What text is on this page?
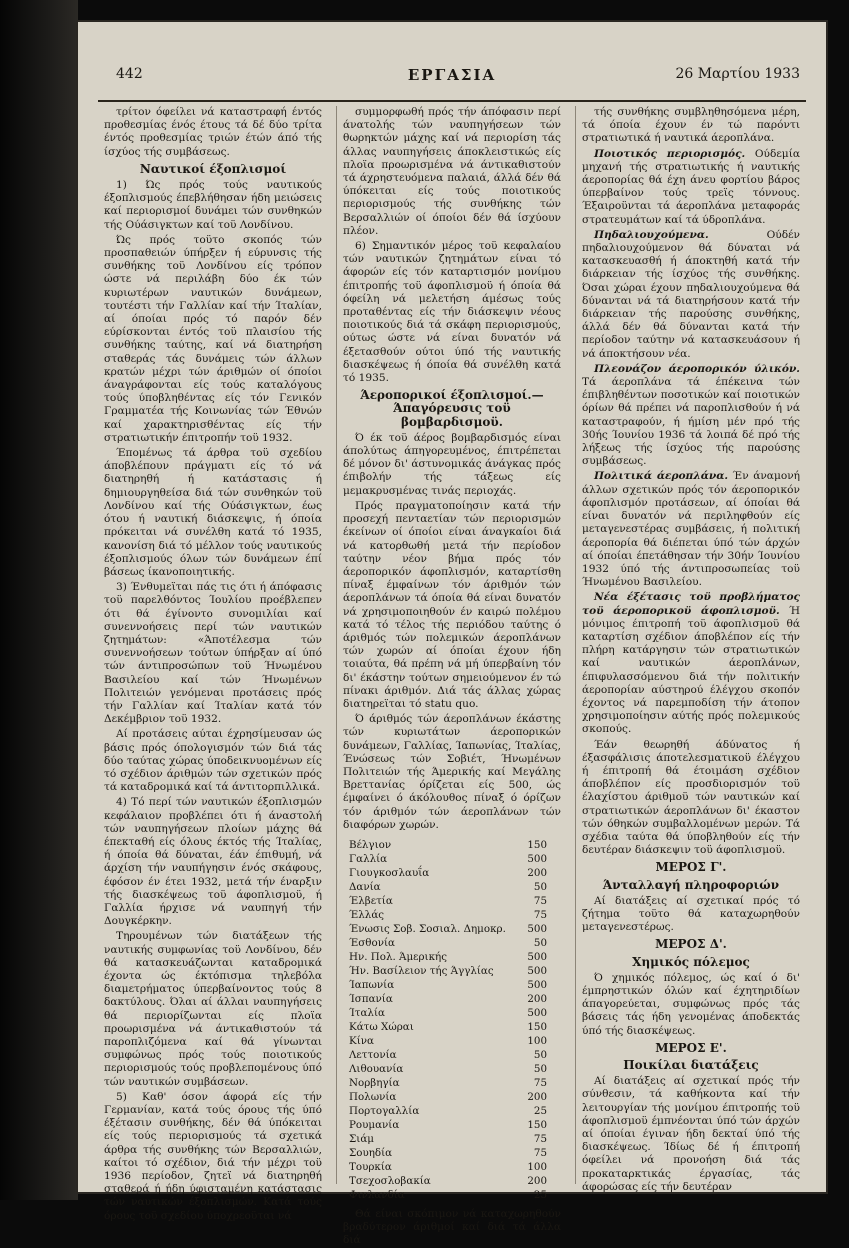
442	ΕΡΓΑΣΙΑ	26 Μαρτίου 1933

τρίτον όφείλει νά καταστραφή έντός προθεσμίας ένός έτους τά δέ δύο τρίτα έντός προθεσμίας τριών έτών άπό τής ίσχύος τής συμβάσεως.

Ναυτικοί έξοπλισμοί

1) Ώς πρός τούς ναυτικούς έξοπλισμούς έπεβλήθησαν ήδη μειώσεις καί περιορισμοί δυνάμει τών συνθηκών τής Ούάσιγκτων καί τοϋ Λονδίνου.

Ώς πρός τοϋτο σκοπός τών προσπαθειών ύπήρξεν ή εύρυνσις τής συνθήκης τοϋ Λονδίνου είς τρόπον ώστε νά περιλάβη δύο έκ τών κυριωτέρων ναυτικών δυνάμεων, τουτέστι τήν Γαλλίαν καί τήν Ίταλίαν, αί όποίαι πρός τό παρόν δέν εύρίσκονται έντός τοϋ πλαισίου τής συνθήκης ταύτης, καί νά διατηρήση σταθεράς τάς δυνάμεις τών άλλων κρατών μέχρι τών άριθμών οί όποίοι άναγράφονται είς τούς καταλόγους τούς ύποβληθέντας είς τόν Γενικόν Γραμματέα τής Κοινωνίας τών Έθνών καί χαρακτηρισθέντας είς τήν στρατιωτικήν έπιτροπήν τοϋ 1932.

Έπομένως τά άρθρα τοϋ σχεδίου άποβλέπουν πράγματι είς τό νά διατηρηθή ή κατάστασις ή δημιουργηθείσα διά τών συνθηκών τοϋ Λονδίνου καί τής Ούάσιγκτων, έως ότου ή ναυτική διάσκεψις, ή όποία πρόκειται νά συνέλθη κατά τό 1935, κανονίση διά τό μέλλον τούς ναυτικούς έξοπλισμούς όλων τών δυνάμεων έπί βάσεως ίκανοποιητικής.

3) Ένθυμεϊται πάς τις ότι ή άπόφασις τοϋ παρελθόντος Ίουλίου προέβλεπεν ότι θά έγίνοντο συνομιλίαι καί συνεννοήσεις περί τών ναυτικών ζητημάτων: «Άποτέλεσμα τών συνεννοήσεων τούτων ύπήρξαν αί ύπό τών άντιπροσώπων τοϋ Ήνωμένου Βασιλείου καί τών Ήνωμένων Πολιτειών γενόμεναι προτάσεις πρός τήν Γαλλίαν καί Ίταλίαν κατά τόν Δεκέμβριον τοϋ 1932.

Αί προτάσεις αύται έχρησίμευσαν ώς βάσις πρός όπολογισμόν τών διά τάς δύο ταύτας χώρας ύποδεικνυομένων είς τό σχέδιον άριθμών τών σχετικών πρός τά καταδρομικά καί τά άντιτορπιλλικά.

4) Τό περί τών ναυτικών έξοπλισμών κεφάλαιον προβλέπει ότι ή άναστολή τών ναυπηγήσεων πλοίων μάχης θά έπεκταθή είς όλους έκτός τής Ίταλίας, ή όποία θά δύναται, έάν έπιθυμή, νά άρχίση τήν ναυπήγησιν ένός σκάφους, έφόσον έν έτει 1932, μετά τήν έναρξιν τής διασκέψεως τοϋ άφοπλισμοϋ, ή Γαλλία ήρχισε νά ναυπηγή τήν Δουγκέρκην.

Τηρουμένων τών διατάξεων τής ναυτικής συμφωνίας τοϋ Λονδίνου, δέν θά κατασκευάζωνται καταδρομικά έχοντα ώς έκτόπισμα τηλεβόλα διαμετρήματος ύπερβαίνοντος τούς 8 δακτύλους. Όλαι αί άλλαι ναυπηγήσεις θά περιορίζωνται είς πλοϊα προωρισμένα νά άντικαθιστούν τά παροπλιζόμενα καί θά γίνωνται συμφώνως πρός τούς ποιοτικούς περιορισμούς τούς προβλεπομένους ύπό τών ναυτικών συμβάσεων.

5) Καθ' όσον άφορά είς τήν Γερμανίαν, κατά τούς όρους τής ύπό έξέτασιν συνθήκης, δέν θά ύπόκειται είς τούς περιορισμούς τά σχετικά άρθρα τής συνθήκης τών Βερσαλλιών, καίτοι τό σχέδιον, διά τήν μέχρι τοϋ 1936 περίοδον, ζητεϊ νά διατηρηθή σταθερά ή ήδη ύφισταμένη κατάστασις τών ναυτικών έξοπλισμών. Κατά τούς όρους τοϋ σχεδίου ύποχρεοϋται νά

συμμορφωθή πρός τήν άπόφασιν περί άνατολής τών ναυπηγήσεων τών θωρηκτών μάχης καί νά περιορίση τάς άλλας ναυπηγήσεις άποκλειστικώς είς πλοϊα προωρισμένα νά άντικαθιστούν τά άχρηστευόμενα παλαιά, άλλά δέν θά ύπόκειται είς τούς ποιοτικούς περιορισμούς τής συνθήκης τών Βερσαλλιών οί όποίοι δέν θά ίσχύουν πλέον.

6) Σημαντικόν μέρος τοϋ κεφαλαίου τών ναυτικών ζητημάτων είναι τό άφορών είς τόν καταρτισμόν μονίμου έπιτροπής τοϋ άφοπλισμοϋ ή όποία θά όφείλη νά μελετήση άμέσως τούς προταθέντας είς τήν διάσκεψιν νέους ποιοτικούς διά τά σκάφη περιορισμούς, ούτως ώστε νά είναι δυνατόν νά έξετασθούν ούτοι ύπό τής ναυτικής διασκέψεως ή όποία θά συνέλθη κατά τό 1935.

Άεροπορικοί έξοπλισμοί.—Άπαγόρευσις τοϋ βομβαρδισμοϋ.

Ό έκ τοϋ άέρος βομβαρδισμός είναι άπολύτως άπηγορευμένος, έπιτρέπεται δέ μόνον δι' άστυνομικάς άνάγκας πρός έπιβολήν τής τάξεως είς μεμακρυσμένας τινάς περιοχάς.

Πρός πραγματοποίησιν κατά τήν προσεχή πενταετίαν τών περιορισμών έκείνων οί όποίοι είναι άναγκαίοι διά νά κατορθωθή μετά τήν περίοδον ταύτην νέον βήμα πρός τόν άεροπορικόν άφοπλισμόν, καταρτίσθη πίναξ έμφαίνων τόν άριθμόν τών άεροπλάνων τά όποία θά είναι δυνατόν νά χρησιμοποιηθούν έν καιρώ πολέμου κατά τό τέλος τής περιόδου ταύτης ό άριθμός τών πολεμικών άεροπλάνων τών χωρών αί όποίαι έχουν ήδη τοιαύτα, θά πρέπη νά μή ύπερβαίνη τόν δι' έκάστην τούτων σημειούμενον έν τώ πίνακι άριθμόν. Διά τάς άλλας χώρας διατηρεϊται τό statu quo.

Ό άριθμός τών άεροπλάνων έκάστης τών κυριωτάτων άεροπορικών δυνάμεων, Γαλλίας, Ίαπωνίας, Ίταλίας, Ένώσεως τών Σοβιέτ, Ήνωμένων Πολιτειών τής Άμερικής καί Μεγάλης Βρεττανίας όρίζεται είς 500, ώς έμφαίνει ό άκόλουθος πίναξ ό όρίζων τόν άριθμόν τών άεροπλάνων τών διαφόρων χωρών.

Βέλγιον	150
Γαλλία	500
Γιουγκοσλαυΐα	200
Δανία	50
Έλβετία	75
Έλλάς	75
Ένωσις Σοβ. Σοσιαλ. Δημοκρ. 500
Έσθονία	50
Ην. Πολ. Άμερικής	500
Ήν. Βασίλειον τής Άγγλίας	500
Ίαπωνία	500
Ίσπανία	200
Ίταλία	500
Κάτω Χώραι	150
Κίνα	100
Λεττονία	50
Λιθουανία	50
Νορβηγία	75
Πολωνία	200
Πορτογαλλία	25
Ρουμανία	150
Σιάμ	75
Σουηδία	75
Τουρκία	100
Τσεχοσλοβακία	200
Φινλανδία	25

Θά είναι σκόπιμον νά καταχωρηθούν βραδύτερον άριθμοί καί διά τά άλλα διά

τής συνθήκης συμβληθησόμενα μέρη, τά όποία έχουν έν τώ παρόντι στρατιωτικά ή ναυτικά άεροπλάνα.

Ποιοτικός περιορισμός. Ούδεμία μηχανή τής στρατιωτικής ή ναυτικής άεροπορίας θά έχη άνευ φορτίου βάρος ύπερβαίνον τούς τρεϊς τόννους. Έξαιροϋνται τά άεροπλάνα μεταφοράς στρατευμάτων καί τά ύδροπλάνα.

Πηδαλιουχούμενα.	Ούδέν πηδαλιουχούμενον θά δύναται νά κατασκευασθή ή άποκτηθή κατά τήν διάρκειαν τής ίσχύος τής συνθήκης. Όσαι χώραι έχουν πηδαλιουχούμενα θά δύνανται νά τά διατηρήσουν κατά τήν διάρκειαν τής παρούσης συνθήκης, άλλά δέν θά δύνανται κατά τήν περίοδον ταύτην νά κατασκευάσουν ή νά άποκτήσουν νέα.

Πλεονάζον άεροπορικόν ύλικόν. Τά άεροπλάνα τά έπέκεινα τών έπιβληθέντων ποσοτικών καί ποιοτικών όρίων θά πρέπει νά παροπλισθούν ή νά καταστραφούν, ή ήμίση μέν πρό τής 30ής Ίουνίου 1936 τά λοιπά δέ πρό τής λήξεως τής ίσχύος τής παρούσης συμβάσεως.

Πολιτικά άεροπλάνα. Έν άναμονή άλλων σχετικών πρός τόν άεροπορικόν άφοπλισμόν προτάσεων, αί όποίαι θά είναι δυνατόν νά περιληφθούν είς μεταγενεστέρας συμβάσεις, ή πολιτική άεροπορία θά διέπεται ύπό τών άρχών αί όποίαι έπετάθησαν τήν 30ήν Ίουνίου 1932 ύπό τής άντιπροσωπείας τοϋ Ήνωμένου Βασιλείου.

Νέα έξέτασις τοϋ προβλήματος τοϋ άεροπορικοϋ άφοπλισμοϋ. Ή μόνιμος έπιτροπή τοϋ άφοπλισμοϋ θά καταρτίση σχέδιον άποβλέπον είς τήν πλήρη κατάργησιν τών στρατιωτικών καί ναυτικών άεροπλάνων, έπιφυλασσόμενου διά τήν πολιτικήν άεροπορίαν αύστηρού έλέγχου σκοπόν έχοντος νά παρεμποδίση τήν άτοπον χρησιμοποίησιν αύτής πρός πολεμικούς σκοπούς.

Έάν θεωρηθή άδύνατος ή έξασφάλισις άποτελεσματικοϋ έλέγχου ή έπιτροπή θά έτοιμάση σχέδιον άποβλέπον είς προσδιορισμόν τοϋ έλαχίστου άριθμοϋ τών ναυτικών καί στρατιωτικών άεροπλάνων δι' έκαστον τών όθηκών συμβαλλομένων μερών. Τά σχέδια ταύτα θά ύποβληθούν είς τήν δευτέραν διάσκεψιν τοϋ άφοπλισμοϋ.

ΜΕΡΟΣ Γ'.
Άνταλλαγή πληροφοριών

Αί διατάξεις αί σχετικαί πρός τό ζήτημα τοϋτο θά καταχωρηθούν μεταγενεστέρως.

ΜΕΡΟΣ Δ'.
Χημικός πόλεμος

Ό χημικός πόλεμος, ώς καί ό δι' έμπρηστικών όλών καί έχητηριδίων άπαγορεύεται, συμφώνως πρός τάς βάσεις τάς ήδη γενομένας άποδεκτάς ύπό τής διασκέψεως.

ΜΕΡΟΣ Ε'.
Ποικίλαι διατάξεις

Αί διατάξεις αί σχετικαί πρός τήν σύνθεσιν, τά καθήκοντα καί τήν λειτουργίαν τής μονίμου έπιτροπής τοϋ άφοπλισμοϋ έμπνέονται ύπό τών άρχών αί όποίαι έγιναν ήδη δεκταί ύπό τής διασκέψεως. Ίδίως δέ ή έπιτροπή όφείλει νά προνοήση διά τάς προκαταρκτικάς έργασίας, τάς άφορώσας είς τήν δευτέραν
